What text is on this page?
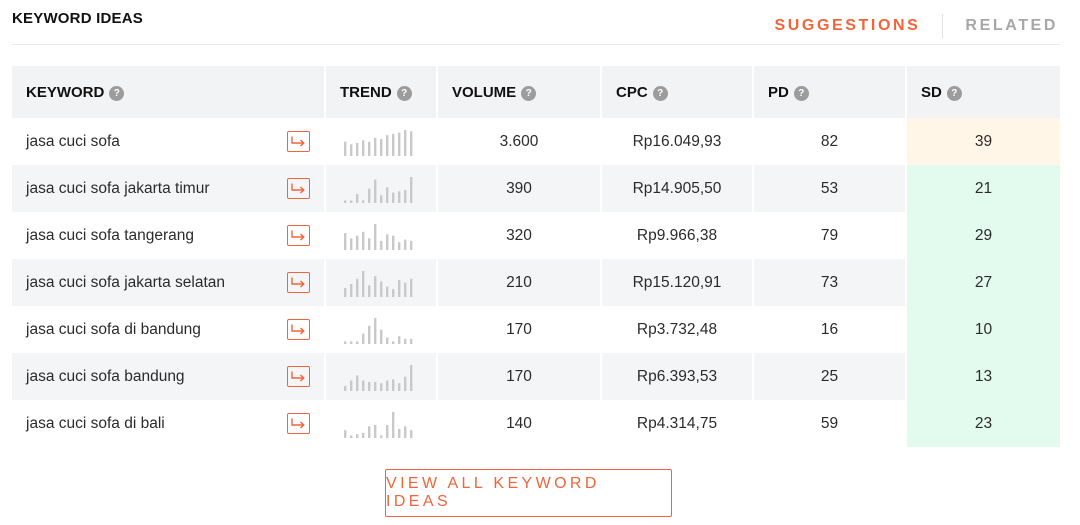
KEYWORD IDEAS	SUGGESTIONS	RELATED
KEYWORD ?	TREND ?	VOLUME ?	CPC ?	PD ?	SD ?
jasa cuci sofa		3.600	Rp16.049,93	82	39
jasa cuci sofa jakarta timur		390	Rp14.905,50	53	21
jasa cuci sofa tangerang		320	Rp9.966,38	79	29
jasa cuci sofa jakarta selatan		210	Rp15.120,91	73	27
jasa cuci sofa di bandung		170	Rp3.732,48	16	10
jasa cuci sofa bandung		170	Rp6.393,53	25	13
jasa cuci sofa di bali		140	Rp4.314,75	59	23
VIEW ALL KEYWORD IDEAS
